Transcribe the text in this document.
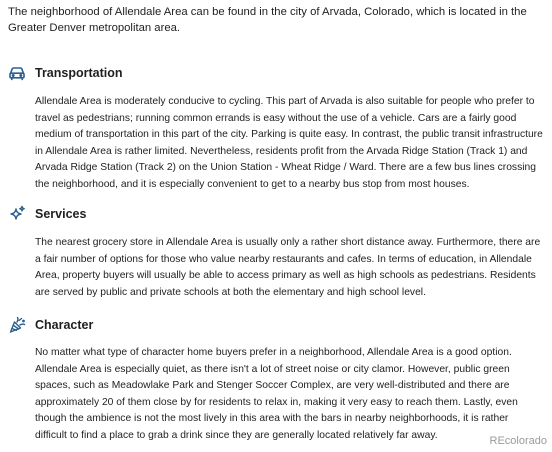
The neighborhood of Allendale Area can be found in the city of Arvada, Colorado, which is located in the Greater Denver metropolitan area.

Transportation

Allendale Area is moderately conducive to cycling. This part of Arvada is also suitable for people who prefer to travel as pedestrians; running common errands is easy without the use of a vehicle. Cars are a fairly good medium of transportation in this part of the city. Parking is quite easy. In contrast, the public transit infrastructure in Allendale Area is rather limited. Nevertheless, residents profit from the Arvada Ridge Station (Track 1) and Arvada Ridge Station (Track 2) on the Union Station - Wheat Ridge / Ward. There are a few bus lines crossing the neighborhood, and it is especially convenient to get to a nearby bus stop from most houses.

Services

The nearest grocery store in Allendale Area is usually only a rather short distance away. Furthermore, there are a fair number of options for those who value nearby restaurants and cafes. In terms of education, in Allendale Area, property buyers will usually be able to access primary as well as high schools as pedestrians. Residents are served by public and private schools at both the elementary and high school level.

Character

No matter what type of character home buyers prefer in a neighborhood, Allendale Area is a good option. Allendale Area is especially quiet, as there isn't a lot of street noise or city clamor. However, public green spaces, such as Meadowlake Park and Stenger Soccer Complex, are very well-distributed and there are approximately 20 of them close by for residents to relax in, making it very easy to reach them. Lastly, even though the ambience is not the most lively in this area with the bars in nearby neighborhoods, it is rather difficult to find a place to grab a drink since they are generally located relatively far away.	REcolorado
